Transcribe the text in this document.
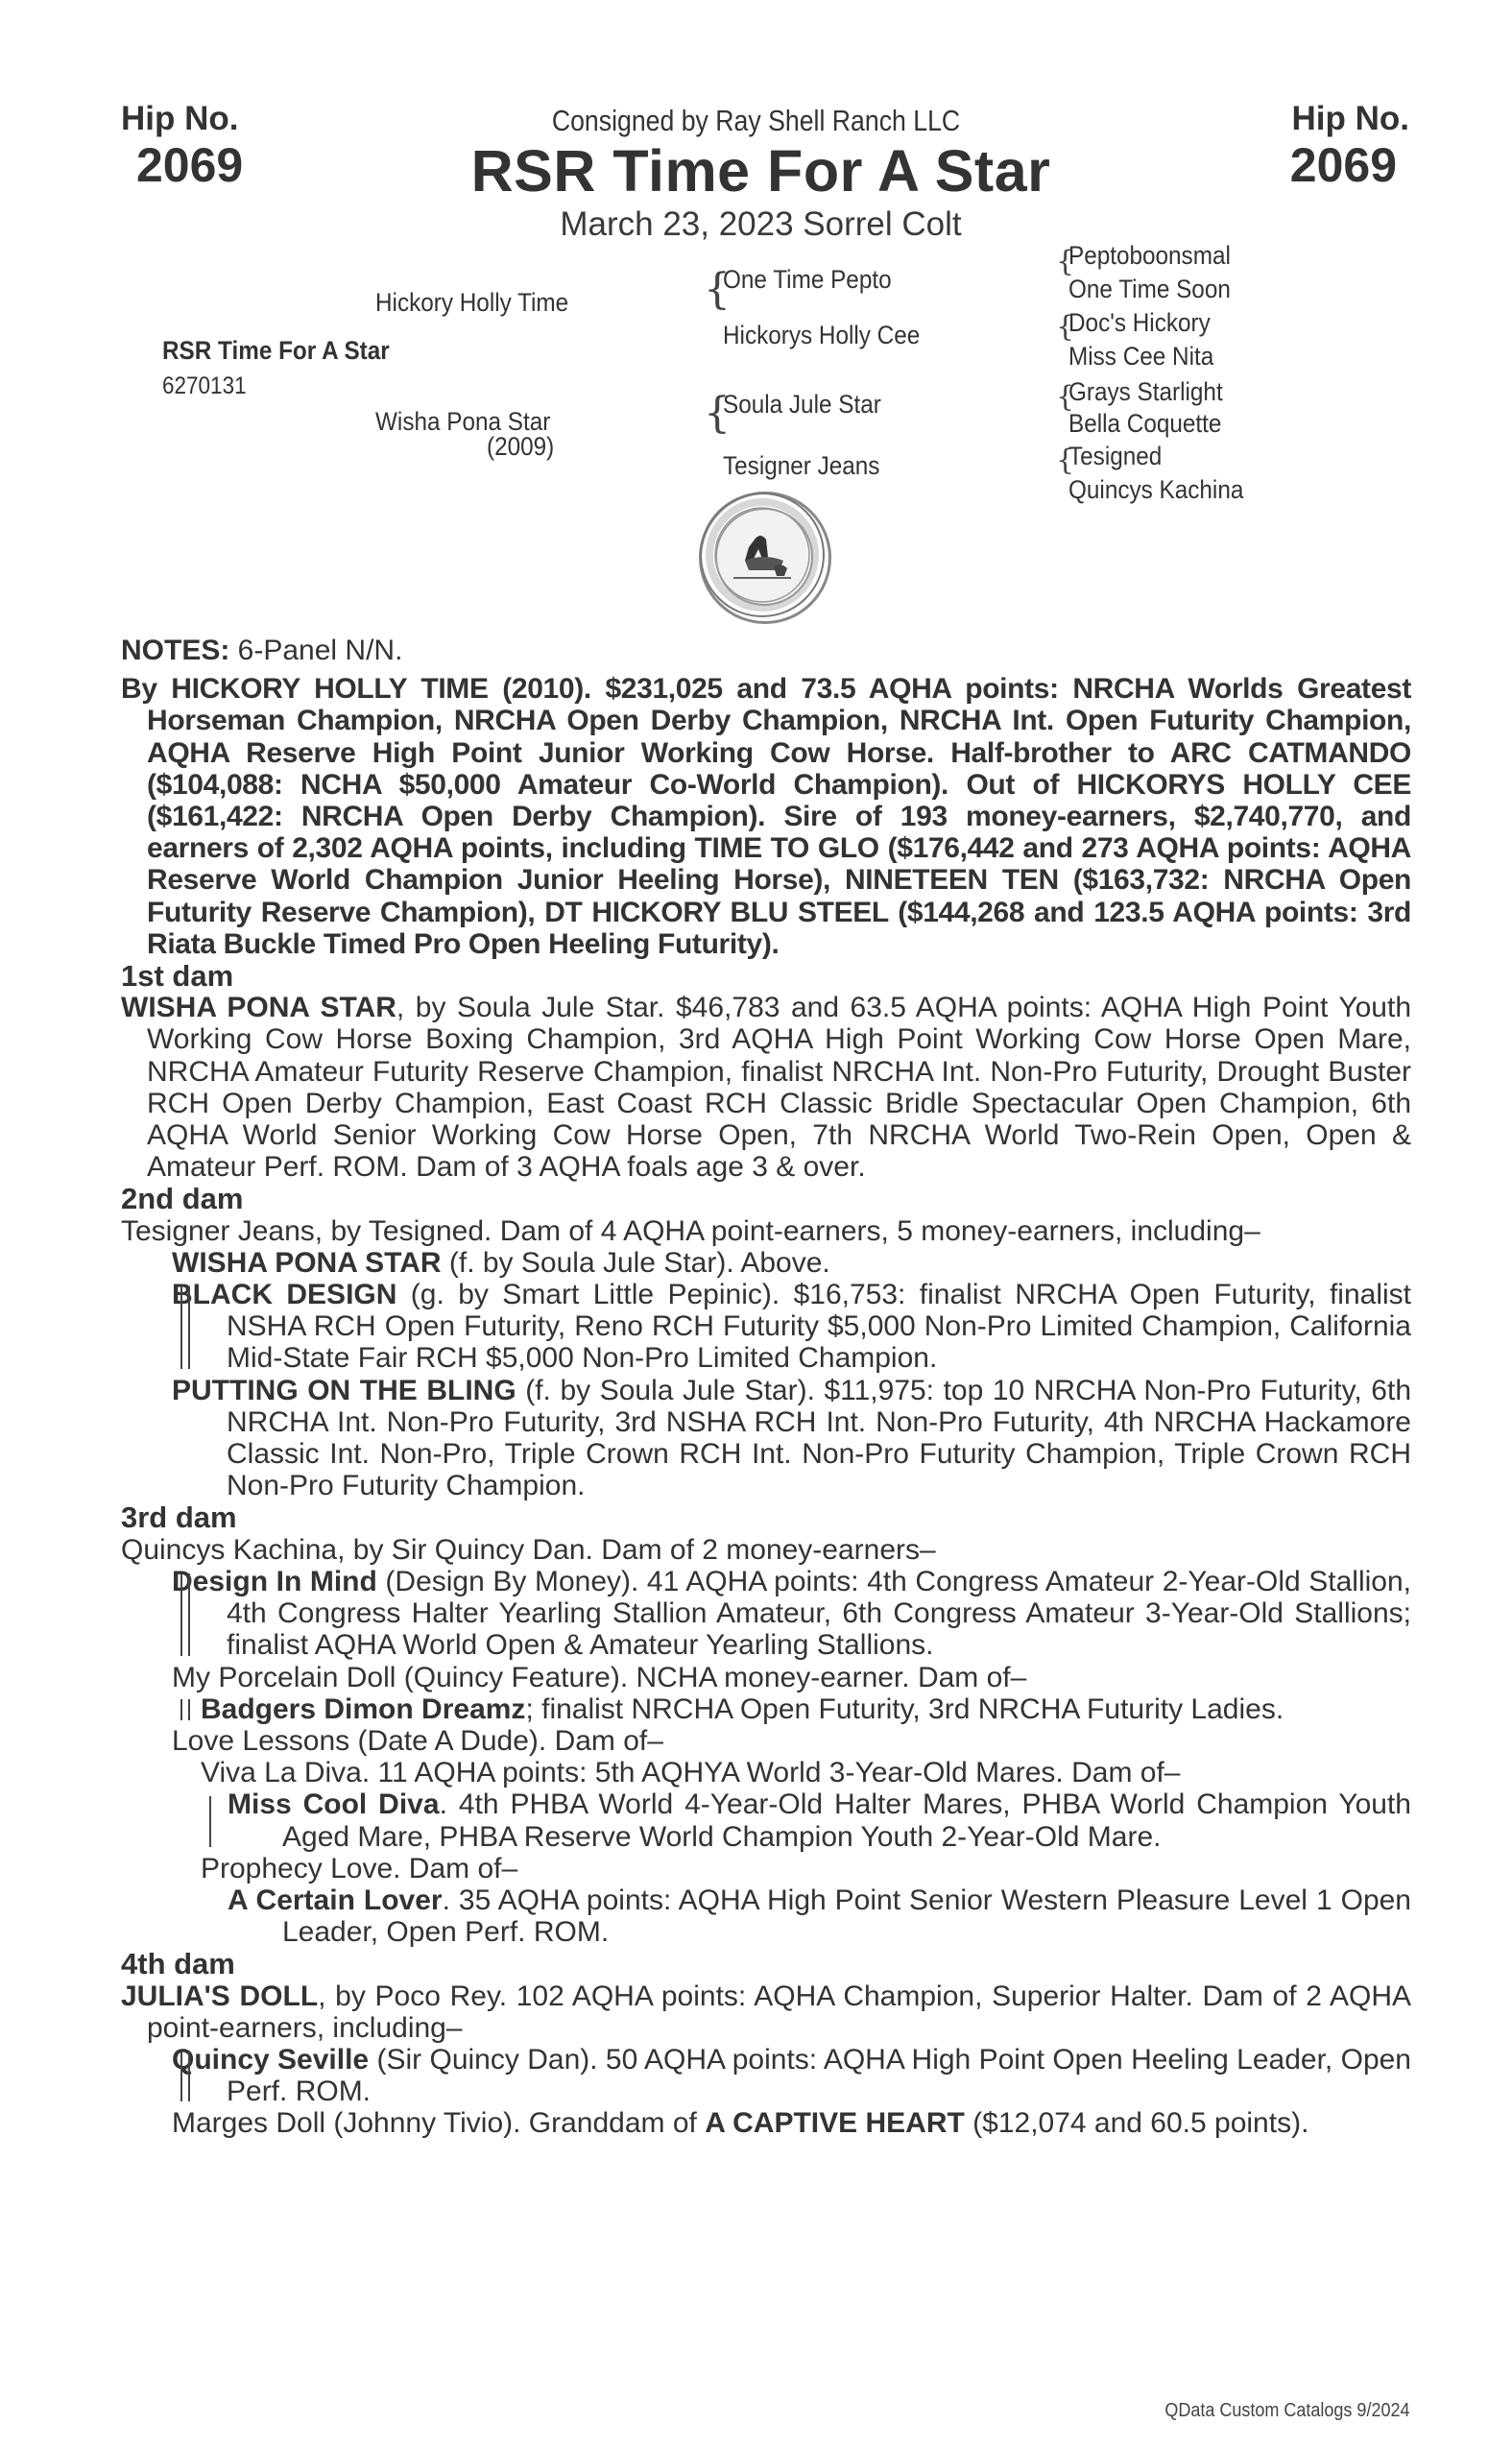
Hip No.
2069
Hip No.
2069
Consigned by Ray Shell Ranch LLC
RSR Time For A Star
March 23, 2023 Sorrel Colt
Hickory Holly Time
RSR Time For A Star
6270131
Wisha Pona Star
(2009)
{
One Time Pepto
Hickorys Holly Cee
{
Soula Jule Star
Tesigner Jeans
{
Peptoboonsmal
One Time Soon
{
Doc's Hickory
Miss Cee Nita
{
Grays Starlight
Bella Coquette
{
Tesigned
Quincys Kachina

NOTES: 6-Panel N/N.

By HICKORY HOLLY TIME (2010). $231,025 and 73.5 AQHA points: NRCHA Worlds Greatest Horseman Champion, NRCHA Open Derby Champion, NRCHA Int. Open Futurity Champion, AQHA Reserve High Point Junior Working Cow Horse. Half-brother to ARC CATMANDO ($104,088: NCHA $50,000 Amateur Co-World Champion). Out of HICKORYS HOLLY CEE ($161,422: NRCHA Open Derby Champion). Sire of 193 money-earners, $2,740,770, and earners of 2,302 AQHA points, including TIME TO GLO ($176,442 and 273 AQHA points: AQHA Reserve World Champion Junior Heeling Horse), NINETEEN TEN ($163,732: NRCHA Open Futurity Reserve Champion), DT HICKORY BLU STEEL ($144,268 and 123.5 AQHA points: 3rd Riata Buckle Timed Pro Open Heeling Futurity).

1st dam

WISHA PONA STAR, by Soula Jule Star. $46,783 and 63.5 AQHA points: AQHA High Point Youth Working Cow Horse Boxing Champion, 3rd AQHA High Point Working Cow Horse Open Mare, NRCHA Amateur Futurity Reserve Champion, finalist NRCHA Int. Non-Pro Futurity, Drought Buster RCH Open Derby Champion, East Coast RCH Classic Bridle Spectacular Open Champion, 6th AQHA World Senior Working Cow Horse Open, 7th NRCHA World Two-Rein Open, Open & Amateur Perf. ROM. Dam of 3 AQHA foals age 3 & over.

2nd dam

Tesigner Jeans, by Tesigned. Dam of 4 AQHA point-earners, 5 money-earners, including–

WISHA PONA STAR (f. by Soula Jule Star). Above.

BLACK DESIGN (g. by Smart Little Pepinic). $16,753: finalist NRCHA Open Futurity, finalist NSHA RCH Open Futurity, Reno RCH Futurity $5,000 Non-Pro Limited Champion, California Mid-State Fair RCH $5,000 Non-Pro Limited Champion.

PUTTING ON THE BLING (f. by Soula Jule Star). $11,975: top 10 NRCHA Non-Pro Futurity, 6th NRCHA Int. Non-Pro Futurity, 3rd NSHA RCH Int. Non-Pro Futurity, 4th NRCHA Hackamore Classic Int. Non-Pro, Triple Crown RCH Int. Non-Pro Futurity Champion, Triple Crown RCH Non-Pro Futurity Champion.

3rd dam

Quincys Kachina, by Sir Quincy Dan. Dam of 2 money-earners–

Design In Mind (Design By Money). 41 AQHA points: 4th Congress Amateur 2-Year-Old Stallion, 4th Congress Halter Yearling Stallion Amateur, 6th Congress Amateur 3-Year-Old Stallions; finalist AQHA World Open & Amateur Yearling Stallions.

My Porcelain Doll (Quincy Feature). NCHA money-earner. Dam of–

Badgers Dimon Dreamz; finalist NRCHA Open Futurity, 3rd NRCHA Futurity Ladies.

Love Lessons (Date A Dude). Dam of–

Viva La Diva. 11 AQHA points: 5th AQHYA World 3-Year-Old Mares. Dam of–

Miss Cool Diva. 4th PHBA World 4-Year-Old Halter Mares, PHBA World Champion Youth Aged Mare, PHBA Reserve World Champion Youth 2-Year-Old Mare.

Prophecy Love. Dam of–

A Certain Lover. 35 AQHA points: AQHA High Point Senior Western Pleasure Level 1 Open Leader, Open Perf. ROM.

4th dam

JULIA'S DOLL, by Poco Rey. 102 AQHA points: AQHA Champion, Superior Halter. Dam of 2 AQHA point-earners, including–

Quincy Seville (Sir Quincy Dan). 50 AQHA points: AQHA High Point Open Heeling Leader, Open Perf. ROM.

Marges Doll (Johnny Tivio). Granddam of A CAPTIVE HEART ($12,074 and 60.5 points).

QData Custom Catalogs 9/2024
